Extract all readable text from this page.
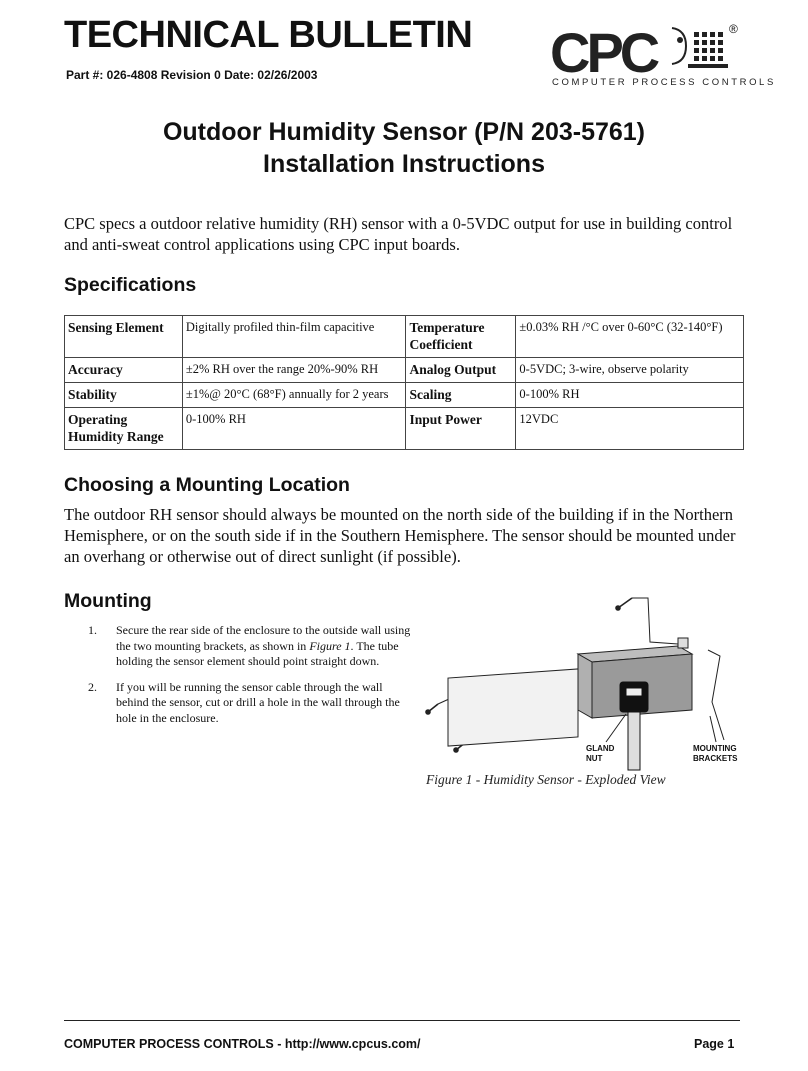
TECHNICAL BULLETIN
Part #: 026-4808 Revision 0 Date: 02/26/2003	CPC
COMPUTER PROCESS CONTROLS
®
Outdoor Humidity Sensor (P/N 203-5761)
Installation Instructions
CPC specs a outdoor relative humidity (RH) sensor with a 0-5VDC output for use in building control and anti-sweat control applications using CPC input boards.
Specifications
Sensing Element	Digitally profiled thin-film capacitive	Temperature Coefficient	±0.03% RH /°C over 0-60°C (32-140°F)
Accuracy	±2% RH over the range 20%-90% RH	Analog Output	0-5VDC; 3-wire, observe polarity
Stability	±1%@ 20°C (68°F) annually for 2 years	Scaling	0-100% RH
Operating Humidity Range	0-100% RH	Input Power	12VDC
Choosing a Mounting Location
The outdoor RH sensor should always be mounted on the north side of the building if in the Northern Hemisphere, or on the south side if in the Southern Hemisphere. The sensor should be mounted under an overhang or otherwise out of direct sunlight (if possible).
Mounting
1. Secure the rear side of the enclosure to the outside wall using the two mounting brackets, as shown in Figure 1. The tube holding the sensor element should point straight down.
2. If you will be running the sensor cable through the wall behind the sensor, cut or drill a hole in the wall through the hole in the enclosure.
GLAND NUT
MOUNTING BRACKETS
Figure 1 - Humidity Sensor - Exploded View
COMPUTER PROCESS CONTROLS - http://www.cpcus.com/	Page 1
